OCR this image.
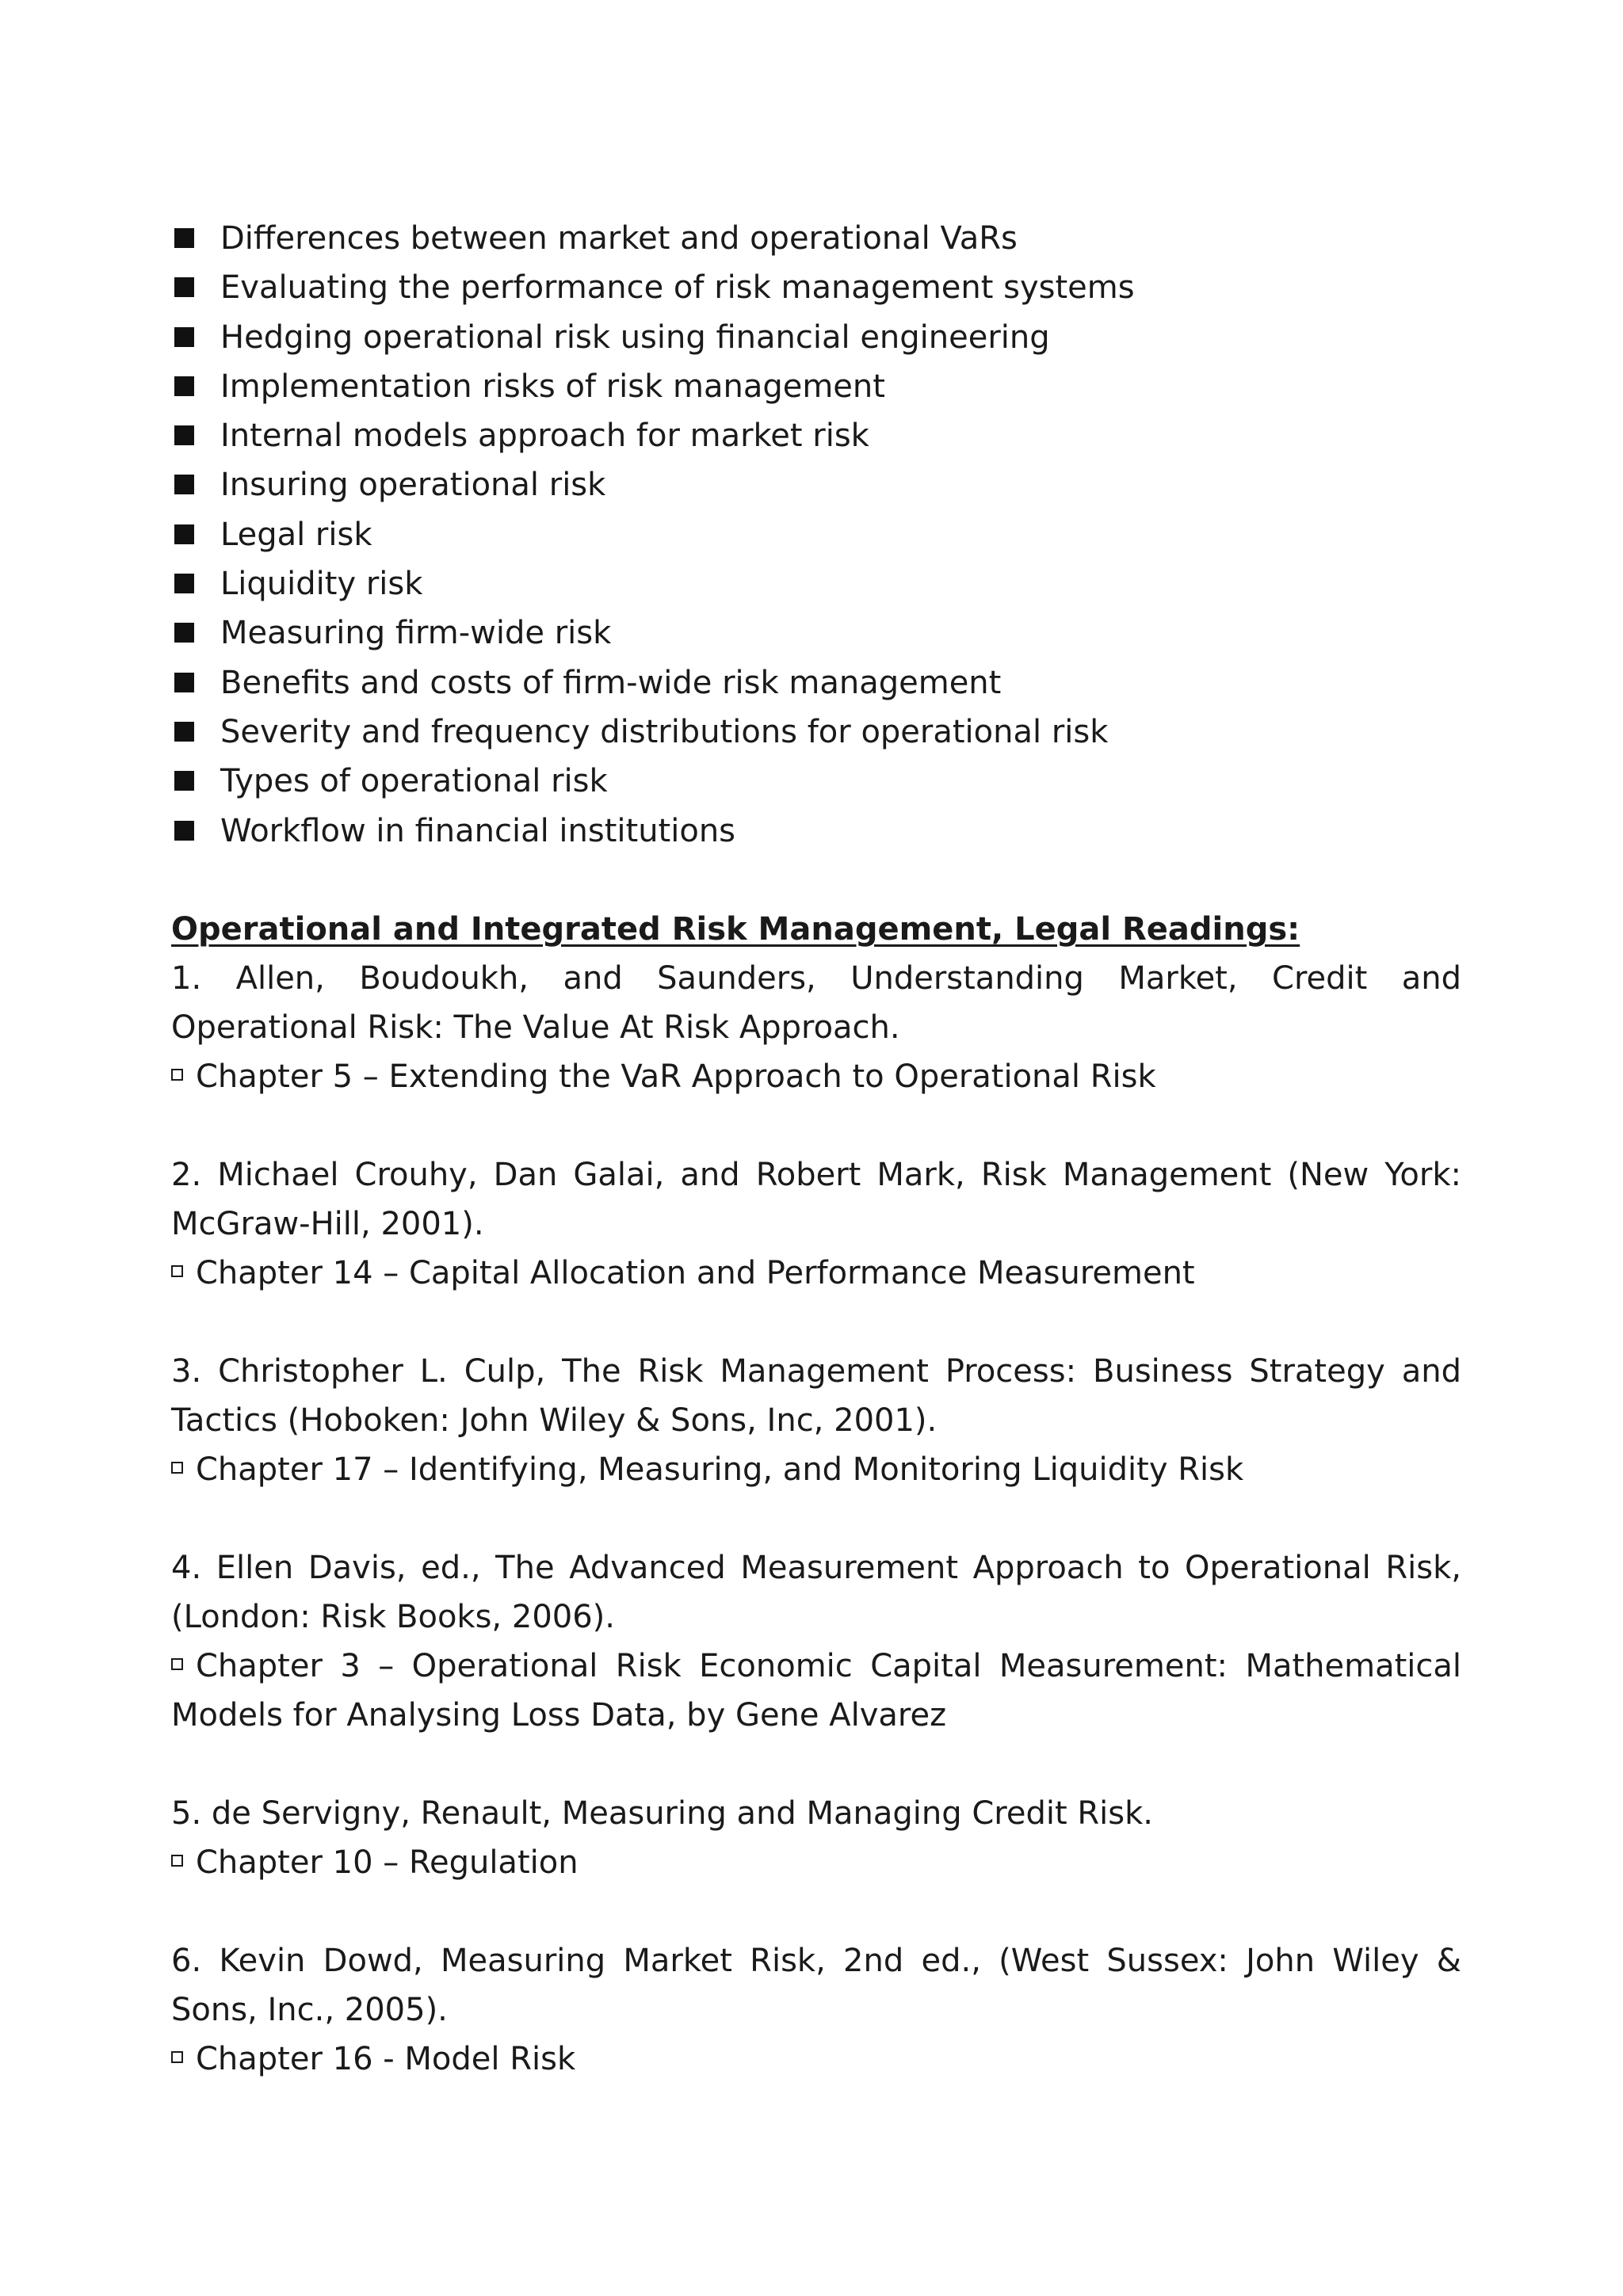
Differences between market and operational VaRs
Evaluating the performance of risk management systems
Hedging operational risk using financial engineering
Implementation risks of risk management
Internal models approach for market risk
Insuring operational risk
Legal risk
Liquidity risk
Measuring firm-wide risk
Benefits and costs of firm-wide risk management
Severity and frequency distributions for operational risk
Types of operational risk
Workflow in financial institutions
Operational and Integrated Risk Management, Legal Readings:

1. Allen, Boudoukh, and Saunders, Understanding Market, Credit and Operational Risk: The Value At Risk Approach.

Chapter 5 – Extending the VaR Approach to Operational Risk

2. Michael Crouhy, Dan Galai, and Robert Mark, Risk Management (New York: McGraw-Hill, 2001).

Chapter 14 – Capital Allocation and Performance Measurement

3. Christopher L. Culp, The Risk Management Process: Business Strategy and Tactics (Hoboken: John Wiley & Sons, Inc, 2001).

Chapter 17 – Identifying, Measuring, and Monitoring Liquidity Risk

4. Ellen Davis, ed., The Advanced Measurement Approach to Operational Risk, (London: Risk Books, 2006).

Chapter 3 – Operational Risk Economic Capital Measurement: Mathematical Models for Analysing Loss Data, by Gene Alvarez

5. de Servigny, Renault, Measuring and Managing Credit Risk.

Chapter 10 – Regulation

6. Kevin Dowd, Measuring Market Risk, 2nd ed., (West Sussex: John Wiley & Sons, Inc., 2005).

Chapter 16 - Model Risk
